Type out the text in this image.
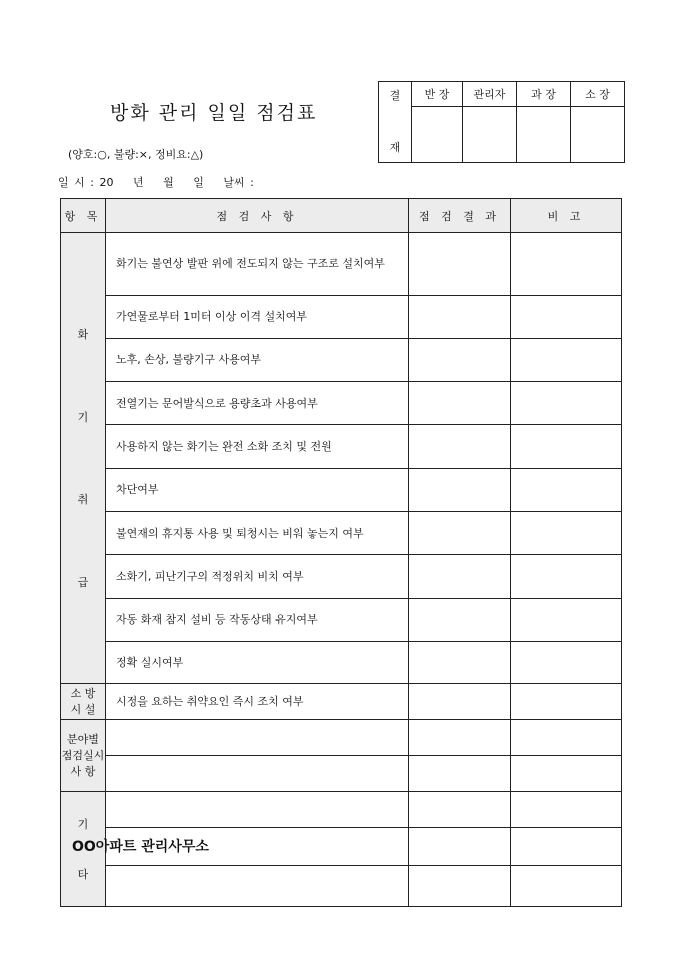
방화 관리 일일 점검표
(양호:○, 불량:×, 정비요:△)
일 시 : 20 년 월 일 날씨 :
결

재	반 장	관리자	과 장	소 장

항 목	점 검 사 항	점 검 결 과	비 고

화
기
취
급	화기는 불연상 발판 위에 전도되지 않는 구조로 설치여부		
	가연물로부터 1미터 이상 이격 설치여부		
	노후, 손상, 불량기구 사용여부		
	전열기는 문어발식으로 용량초과 사용여부		
	사용하지 않는 화기는 완전 소화 조치 및 전원		
	차단여부		
	불연재의 휴지통 사용 및 퇴청시는 비워 놓는지 여부		
	소화기, 피난기구의 적정위치 비치 여부		
	자동 화재 참지 설비 등 작동상태 유지여부		
	정확 실시여부		
소 방
시 설	시정을 요하는 취약요인 즉시 조치 여부		
분야별
점검실시
사 항			

기
타			

OO아파트 관리사무소
